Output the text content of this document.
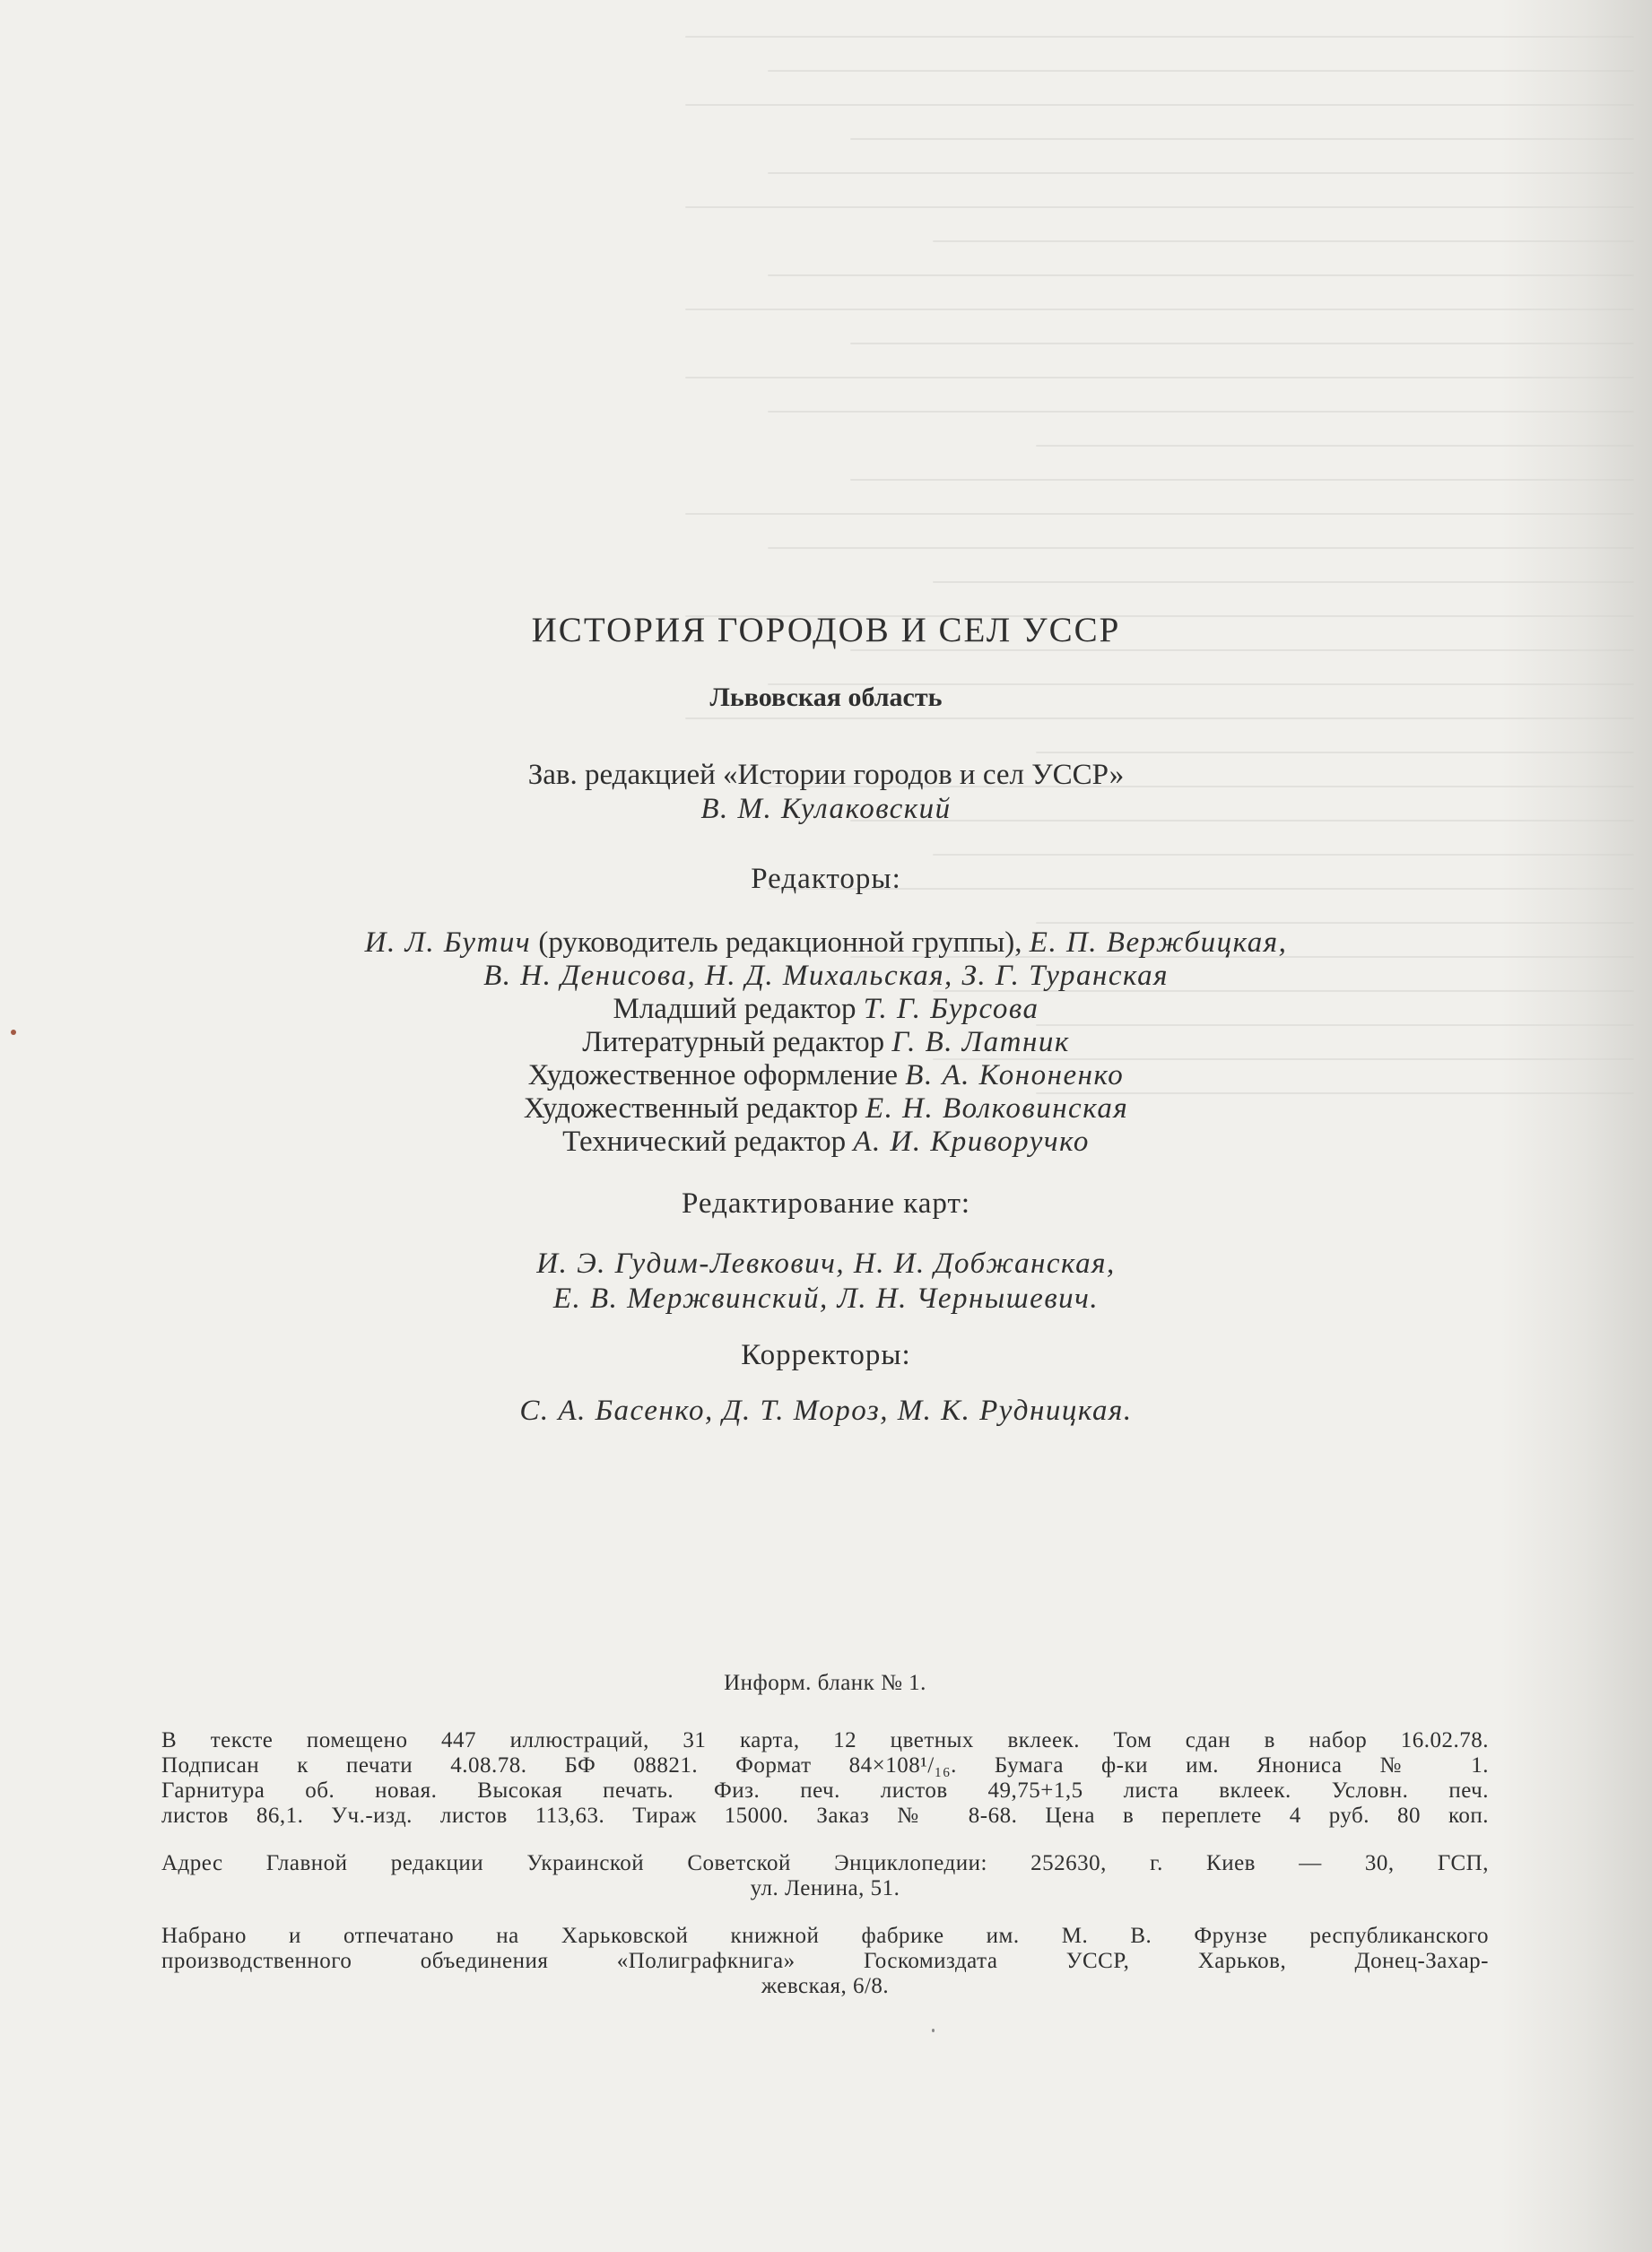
ИСТОРИЯ ГОРОДОВ И СЕЛ УССР

Львовская область

Зав. редакцией «Истории городов и сел УССР»

В. М. Кулаковский

Редакторы:

И. Л. Бутич (руководитель редакционной группы), Е. П. Вержбицкая,

В. Н. Денисова, Н. Д. Михальская, З. Г. Туранская

Младший редактор Т. Г. Бурсова

Литературный редактор Г. В. Латник

Художественное оформление В. А. Кононенко

Художественный редактор Е. Н. Волковинская

Технический редактор А. И. Криворучко

Редактирование карт:

И. Э. Гудим-Левкович, Н. И. Добжанская,

Е. В. Мержвинский, Л. Н. Чернышевич.

Корректоры:

С. А. Басенко, Д. Т. Мороз, М. К. Рудницкая.

Информ. бланк № 1.

В тексте помещено 447 иллюстраций, 31 карта, 12 цветных вклеек. Том сдан в набор 16.02.78.

Подписан к печати 4.08.78. БФ 08821. Формат 84×108¹/₁₆. Бумага ф-ки им. Янониса № 1.

Гарнитура об. новая. Высокая печать. Физ. печ. листов 49,75+1,5 листа вклеек. Условн. печ.

листов 86,1. Уч.-изд. листов 113,63. Тираж 15000. Заказ № 8-68. Цена в переплете 4 руб. 80 коп.

Адрес Главной редакции Украинской Советской Энциклопедии: 252630, г. Киев — 30, ГСП,

ул. Ленина, 51.

Набрано и отпечатано на Харьковской книжной фабрике им. М. В. Фрунзе республиканского

производственного объединения «Полиграфкнига» Госкомиздата УССР, Харьков, Донец-Захар-

жевская, 6/8.
